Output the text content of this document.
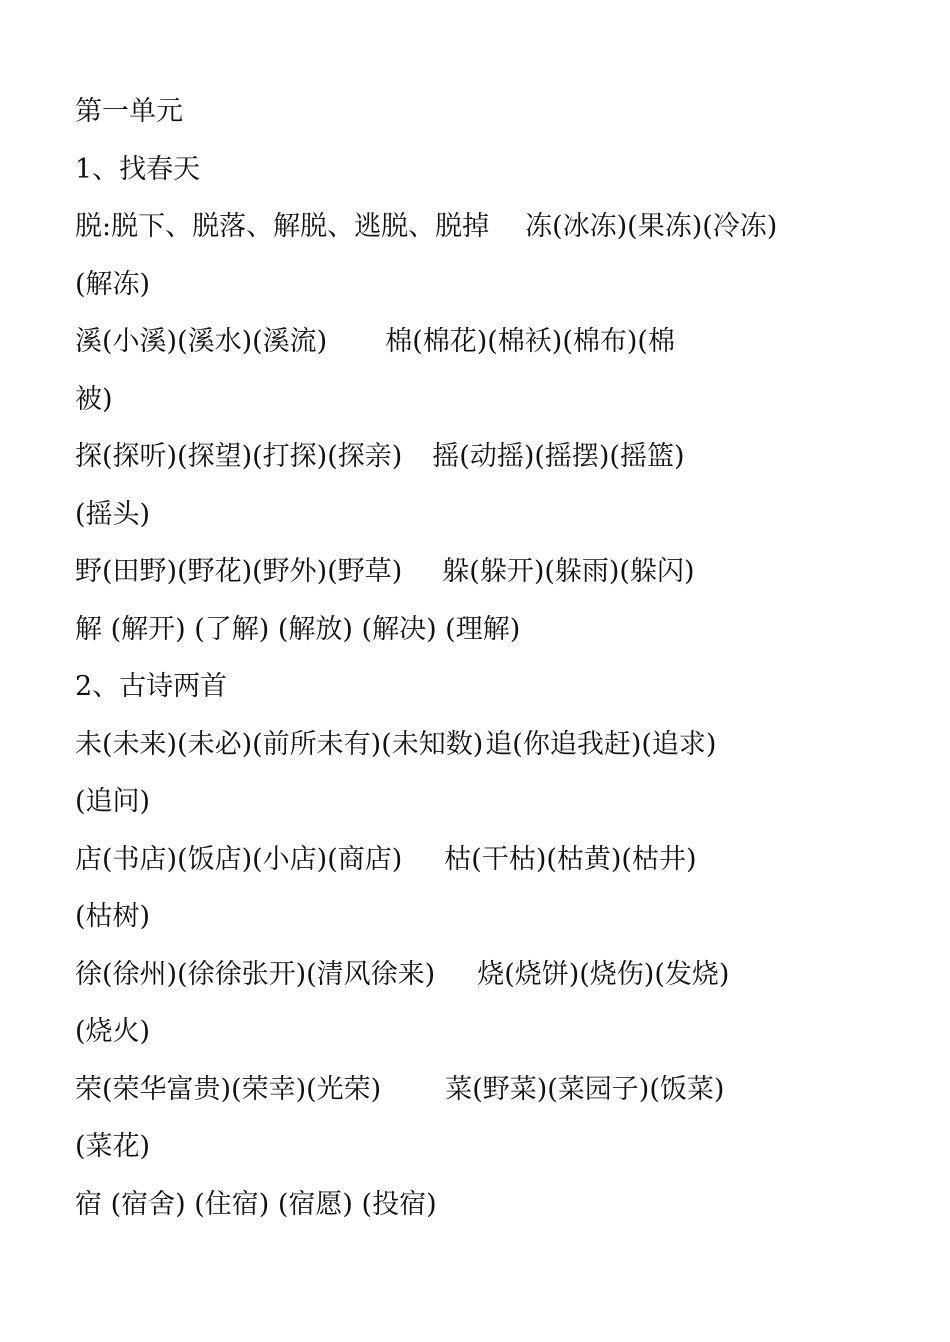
第一单元
1、找春天
脱:脱下、脱落、解脱、逃脱、脱掉 冻(冰冻)(果冻)(冷冻)
(解冻)
溪(小溪)(溪水)(溪流) 棉(棉花)(棉袄)(棉布)(棉
被)
探(探听)(探望)(打探)(探亲) 摇(动摇)(摇摆)(摇篮)
(摇头)
野(田野)(野花)(野外)(野草) 躲(躲开)(躲雨)(躲闪)
解 (解开) (了解) (解放) (解决) (理解)
2、古诗两首
未(未来)(未必)(前所未有)(未知数)追(你追我赶)(追求)
(追问)
店(书店)(饭店)(小店)(商店) 枯(干枯)(枯黄)(枯井)
(枯树)
徐(徐州)(徐徐张开)(清风徐来) 烧(烧饼)(烧伤)(发烧)
(烧火)
荣(荣华富贵)(荣幸)(光荣) 菜(野菜)(菜园子)(饭菜)
(菜花)
宿 (宿舍) (住宿) (宿愿) (投宿)
